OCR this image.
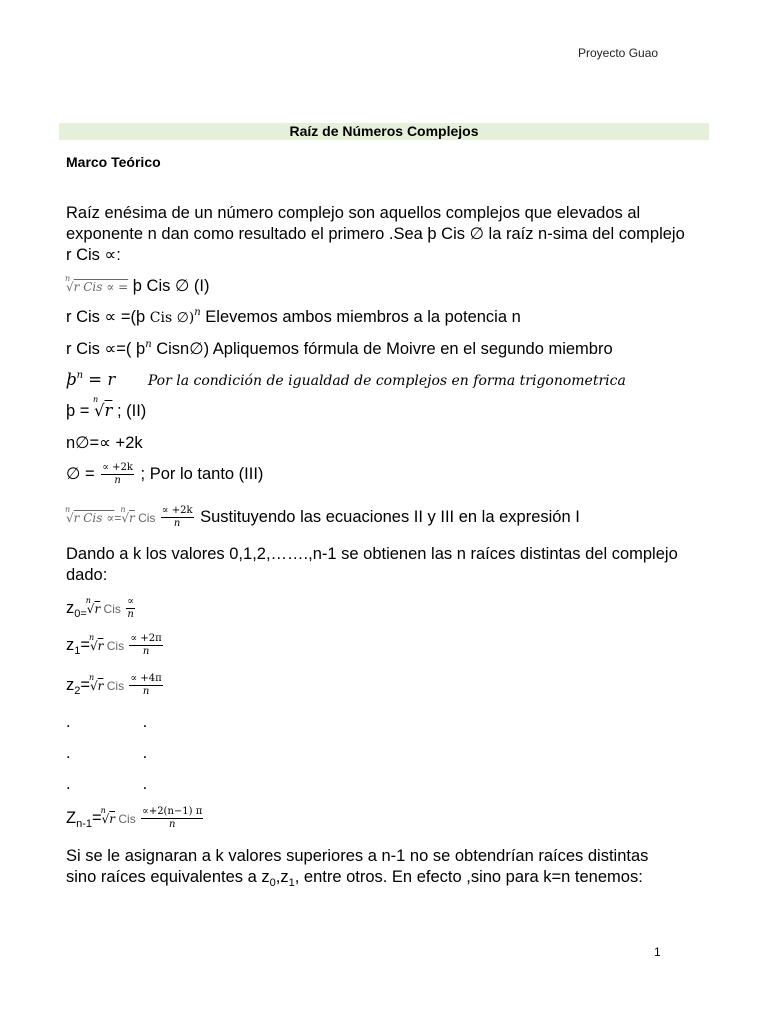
Proyecto Guao
Raíz de Números Complejos
Marco Teórico
Raíz enésima de un número complejo son aquellos complejos que elevados al
exponente n dan como resultado el primero .Sea þ Cis ∅ la raíz n-sima del complejo
r Cis ∝:
n
√r Cis ∝ = þ Cis ∅ (I)
r Cis ∝ =(þ Cis ∅)$^n$ Elevemos ambos miembros a la potencia n
r Cis ∝=( $þ^n$ Cisn∅) Apliquemos fórmula de Moivre en el segundo miembro
$þ^n = r$ Por la condición de igualdad de complejos en forma trigonometrica
þ =
n
√r ; (II)
n∅=∝ +2k
∅ = $\frac{\propto +2k}{n}$ ; Por lo tanto (III)
n
√r Cis ∝=
n
√r Cis $\frac{\propto +2k}{n}$ Sustituyendo las ecuaciones II y III en la expresión I
Dando a k los valores 0,1,2,…….,n-1 se obtienen las n raíces distintas del complejo
dado:
$z_{0=}$
n
√r Cis $\frac{\propto}{n}$
$z_1= n$
√r Cis $\frac{\propto +2\pi}{n}$
$z_2= n$
√r Cis $\frac{\propto +4\pi}{n}$
.	.
.	.
.	.
$Z_{n-1}= n$
√r Cis $\frac{\propto+2(n-1) \pi}{n}$
Si se le asignaran a k valores superiores a n-1 no se obtendrían raíces distintas
sino raíces equivalentes a $z_0,z_1$, entre otros. En efecto ,sino para k=n tenemos:
1
